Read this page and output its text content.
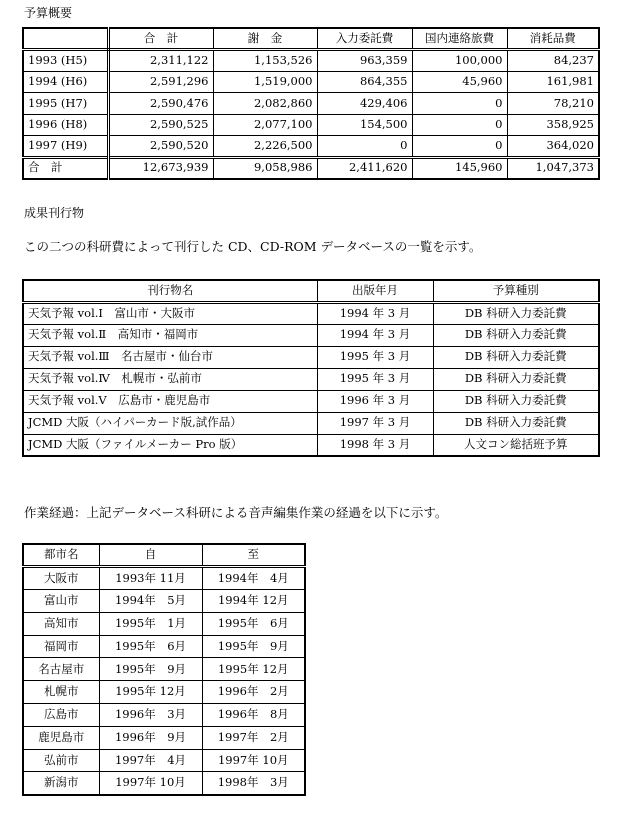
予算概要
	合　計	謝　金	入力委託費	国内連絡旅費	消耗品費
1993 (H5)	2,311,122	1,153,526	963,359	100,000	84,237
1994 (H6)	2,591,296	1,519,000	864,355	45,960	161,981
1995 (H7)	2,590,476	2,082,860	429,406	0	78,210
1996 (H8)	2,590,525	2,077,100	154,500	0	358,925
1997 (H9)	2,590,520	2,226,500	0	0	364,020
合　計	12,673,939	9,058,986	2,411,620	145,960	1,047,373
成果刊行物
この二つの科研費によって刊行した CD、CD-ROM データベースの一覧を示す。
刊行物名	出版年月	予算種別
天気予報 vol.Ⅰ　富山市・大阪市	1994 年 3 月	DB 科研入力委託費
天気予報 vol.Ⅱ　高知市・福岡市	1994 年 3 月	DB 科研入力委託費
天気予報 vol.Ⅲ　名古屋市・仙台市	1995 年 3 月	DB 科研入力委託費
天気予報 vol.Ⅳ　札幌市・弘前市	1995 年 3 月	DB 科研入力委託費
天気予報 vol.Ⅴ　広島市・鹿児島市	1996 年 3 月	DB 科研入力委託費
JCMD 大阪（ハイパーカード版,試作品）	1997 年 3 月	DB 科研入力委託費
JCMD 大阪（ファイルメーカー Pro 版）	1998 年 3 月	人文コン総括班予算
作業経過：上記データベース科研による音声編集作業の経過を以下に示す。
都市名	自	至
大阪市	1993年 11月	1994年　4月
富山市	1994年　5月	1994年 12月
高知市	1995年　1月	1995年　6月
福岡市	1995年　6月	1995年　9月
名古屋市	1995年　9月	1995年 12月
札幌市	1995年 12月	1996年　2月
広島市	1996年　3月	1996年　8月
鹿児島市	1996年　9月	1997年　2月
弘前市	1997年　4月	1997年 10月
新潟市	1997年 10月	1998年　3月
